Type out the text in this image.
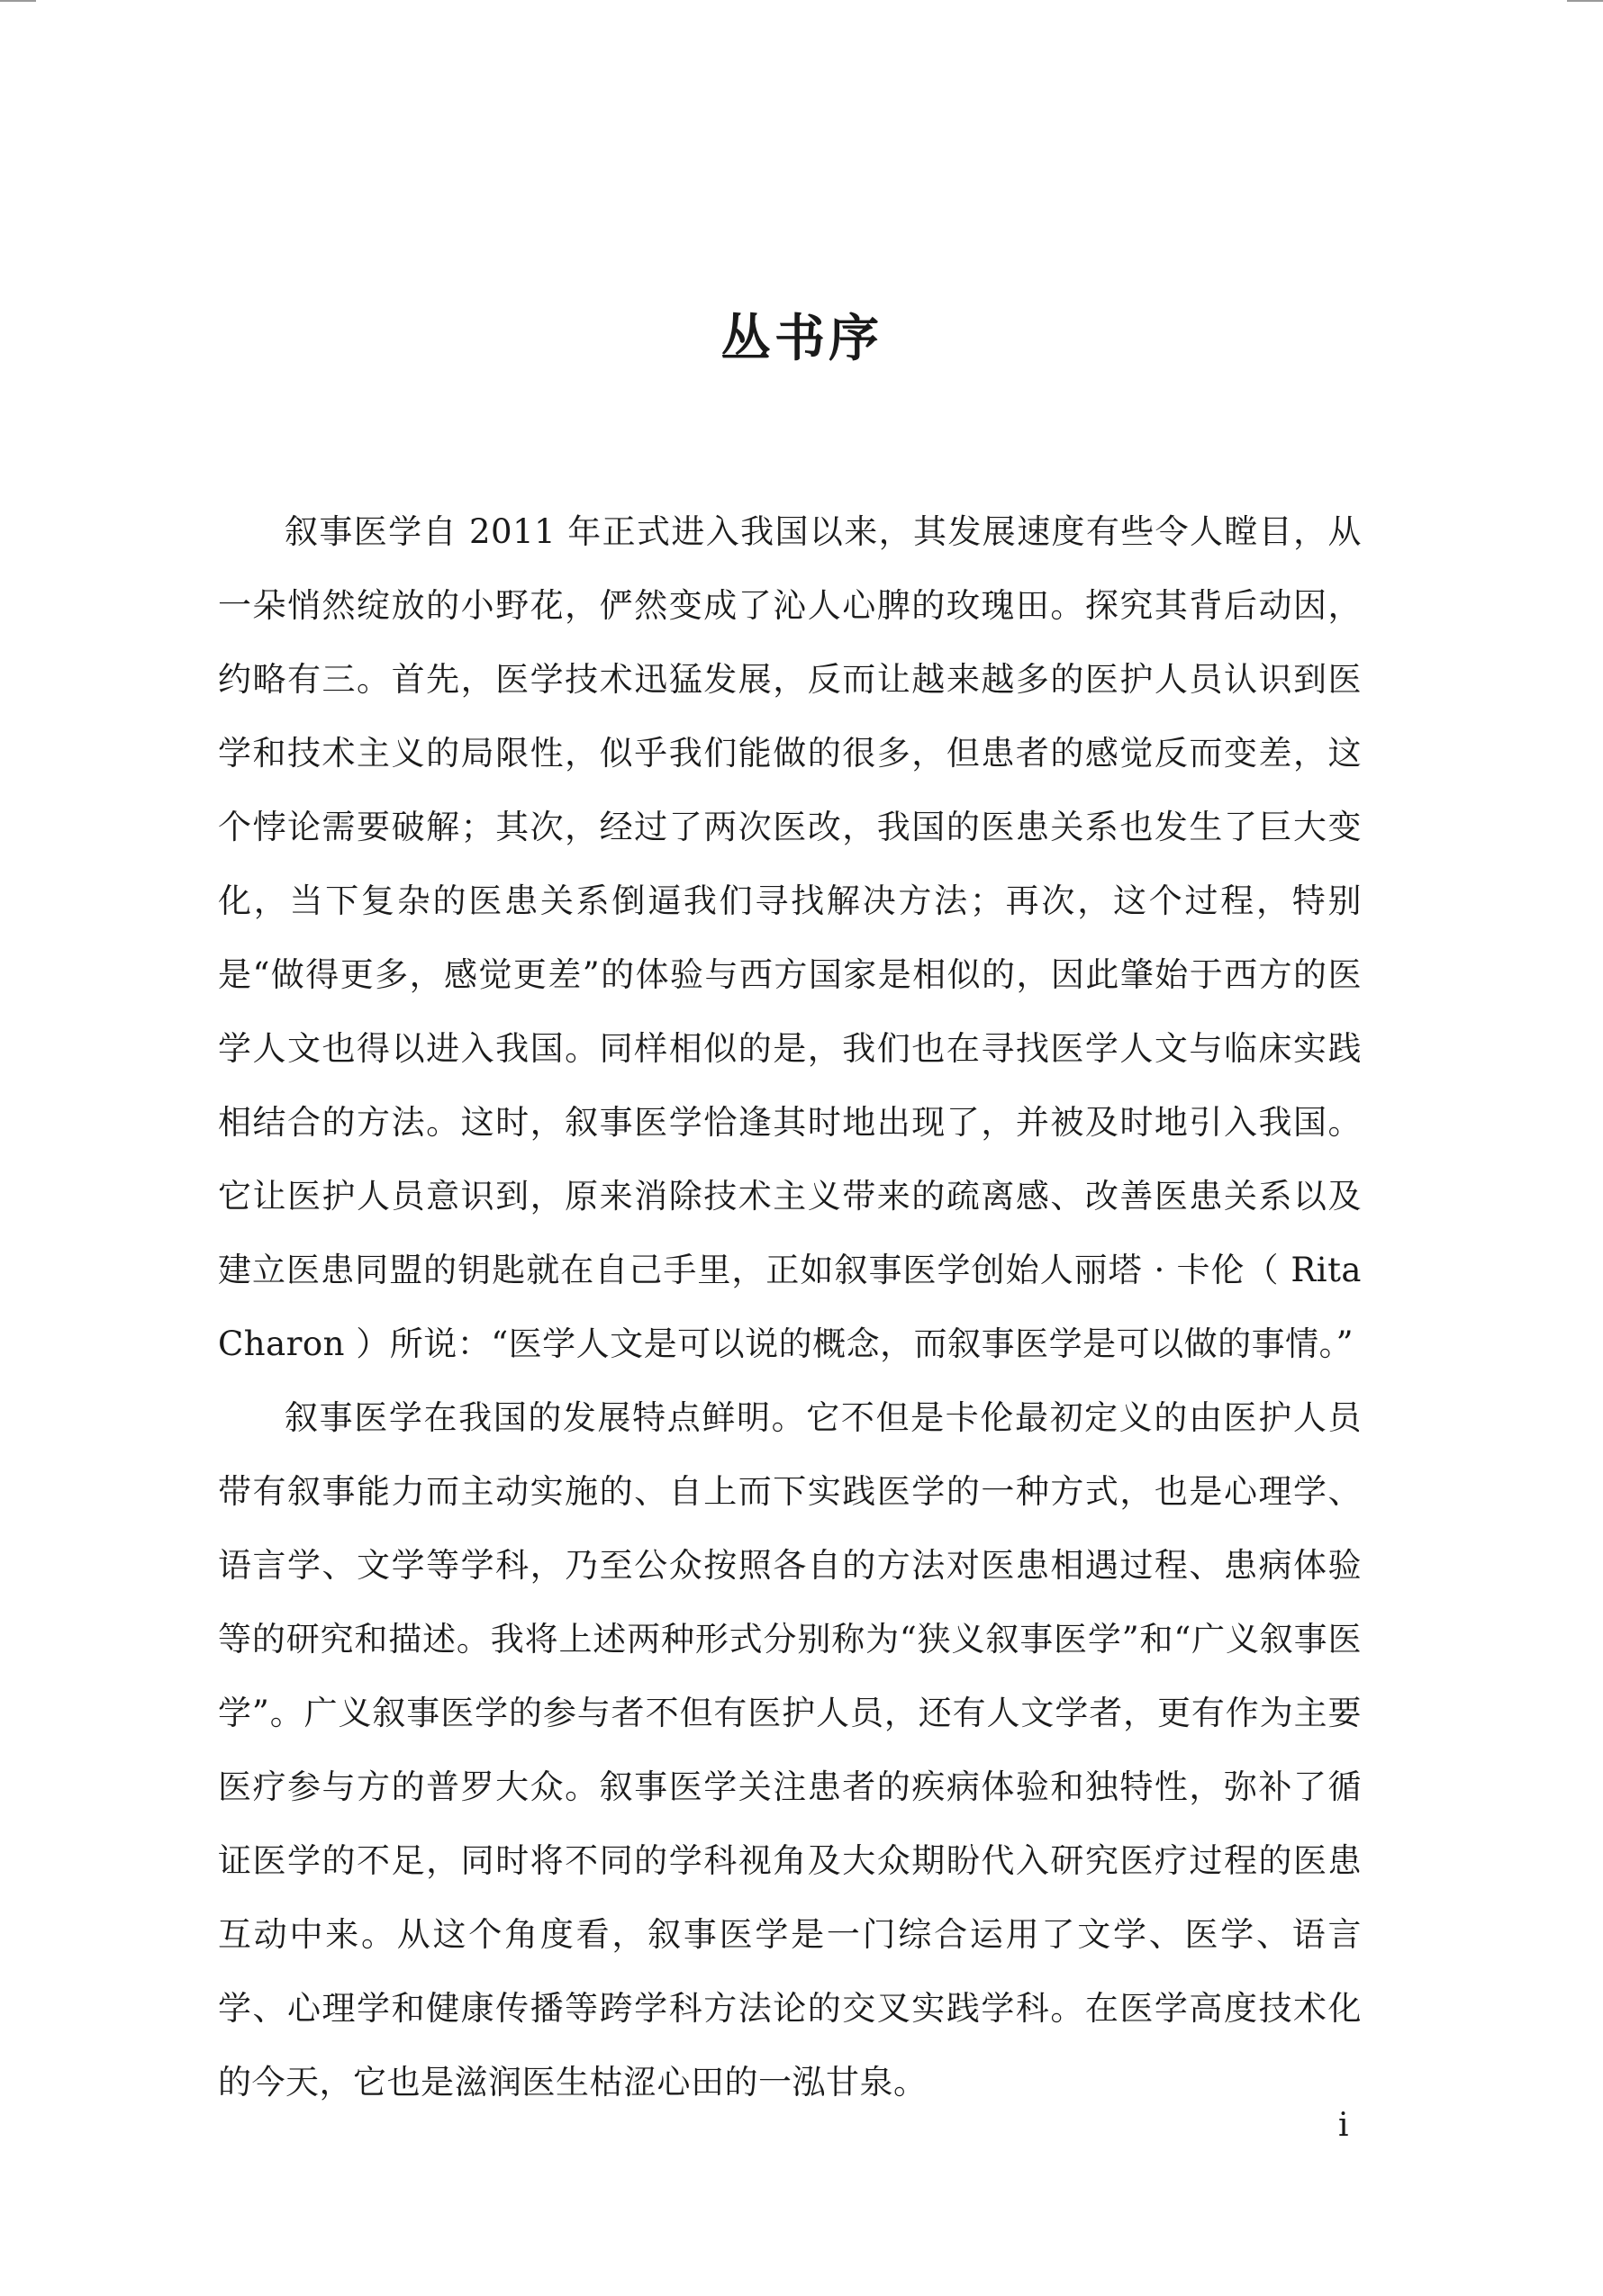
丛书序

叙事医学自 2011 年正式进入我国以来，其发展速度有些令人瞠目，从一朵悄然绽放的小野花，俨然变成了沁人心脾的玫瑰田。探究其背后动因，约略有三。首先，医学技术迅猛发展，反而让越来越多的医护人员认识到医学和技术主义的局限性，似乎我们能做的很多，但患者的感觉反而变差，这个悖论需要破解；其次，经过了两次医改，我国的医患关系也发生了巨大变化，当下复杂的医患关系倒逼我们寻找解决方法；再次，这个过程，特别是“做得更多，感觉更差”的体验与西方国家是相似的，因此肇始于西方的医学人文也得以进入我国。同样相似的是，我们也在寻找医学人文与临床实践相结合的方法。这时，叙事医学恰逢其时地出现了，并被及时地引入我国。它让医护人员意识到，原来消除技术主义带来的疏离感、改善医患关系以及建立医患同盟的钥匙就在自己手里，正如叙事医学创始人丽塔 · 卡伦（ Rita Charon ）所说：“医学人文是可以说的概念，而叙事医学是可以做的事情。”

叙事医学在我国的发展特点鲜明。它不但是卡伦最初定义的由医护人员带有叙事能力而主动实施的、自上而下实践医学的一种方式，也是心理学、语言学、文学等学科，乃至公众按照各自的方法对医患相遇过程、患病体验等的研究和描述。我将上述两种形式分别称为“狭义叙事医学”和“广义叙事医学”。广义叙事医学的参与者不但有医护人员，还有人文学者，更有作为主要医疗参与方的普罗大众。叙事医学关注患者的疾病体验和独特性，弥补了循证医学的不足，同时将不同的学科视角及大众期盼代入研究医疗过程的医患互动中来。从这个角度看，叙事医学是一门综合运用了文学、医学、语言学、心理学和健康传播等跨学科方法论的交叉实践学科。在医学高度技术化的今天，它也是滋润医生枯涩心田的一泓甘泉。

i
